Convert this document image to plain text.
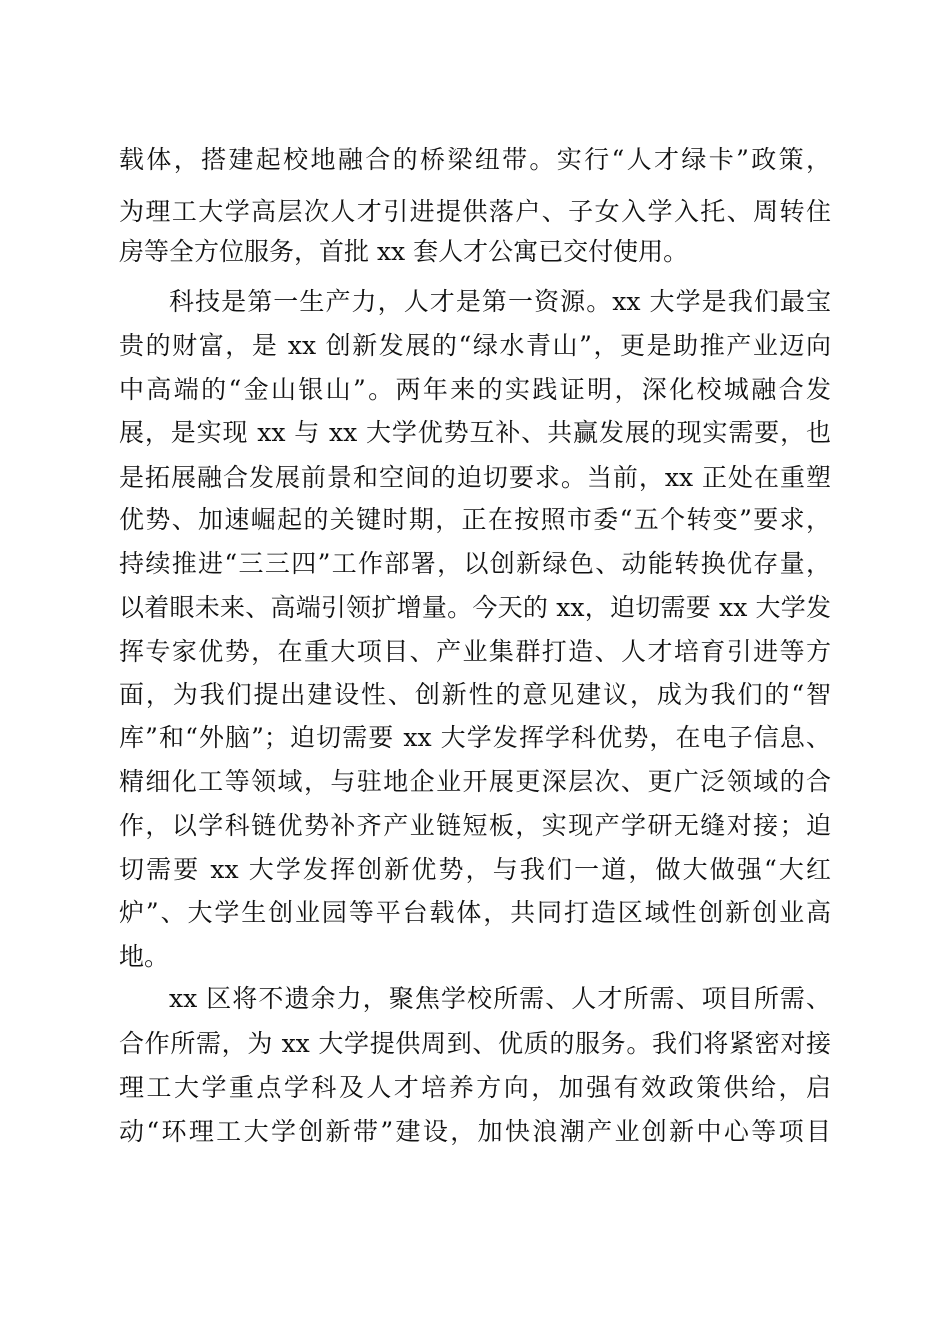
载体，搭建起校地融合的桥梁纽带。实行“人才绿卡”政策，
为理工大学高层次人才引进提供落户、子女入学入托、周转住
房等全方位服务，首批 xx 套人才公寓已交付使用。
科技是第一生产力，人才是第一资源。xx 大学是我们最宝
贵的财富，是 xx 创新发展的“绿水青山”，更是助推产业迈向
中高端的“金山银山”。两年来的实践证明，深化校城融合发
展，是实现 xx 与 xx 大学优势互补、共赢发展的现实需要，也
是拓展融合发展前景和空间的迫切要求。当前，xx 正处在重塑
优势、加速崛起的关键时期，正在按照市委“五个转变”要求，
持续推进“三三四”工作部署，以创新绿色、动能转换优存量，
以着眼未来、高端引领扩增量。今天的 xx，迫切需要 xx 大学发
挥专家优势，在重大项目、产业集群打造、人才培育引进等方
面，为我们提出建设性、创新性的意见建议，成为我们的“智
库”和“外脑”；迫切需要 xx 大学发挥学科优势，在电子信息、
精细化工等领域，与驻地企业开展更深层次、更广泛领域的合
作，以学科链优势补齐产业链短板，实现产学研无缝对接；迫
切需要 xx 大学发挥创新优势，与我们一道，做大做强“大红
炉”、大学生创业园等平台载体，共同打造区域性创新创业高
地。
xx 区将不遗余力，聚焦学校所需、人才所需、项目所需、
合作所需，为 xx 大学提供周到、优质的服务。我们将紧密对接
理工大学重点学科及人才培养方向，加强有效政策供给，启
动“环理工大学创新带”建设，加快浪潮产业创新中心等项目
